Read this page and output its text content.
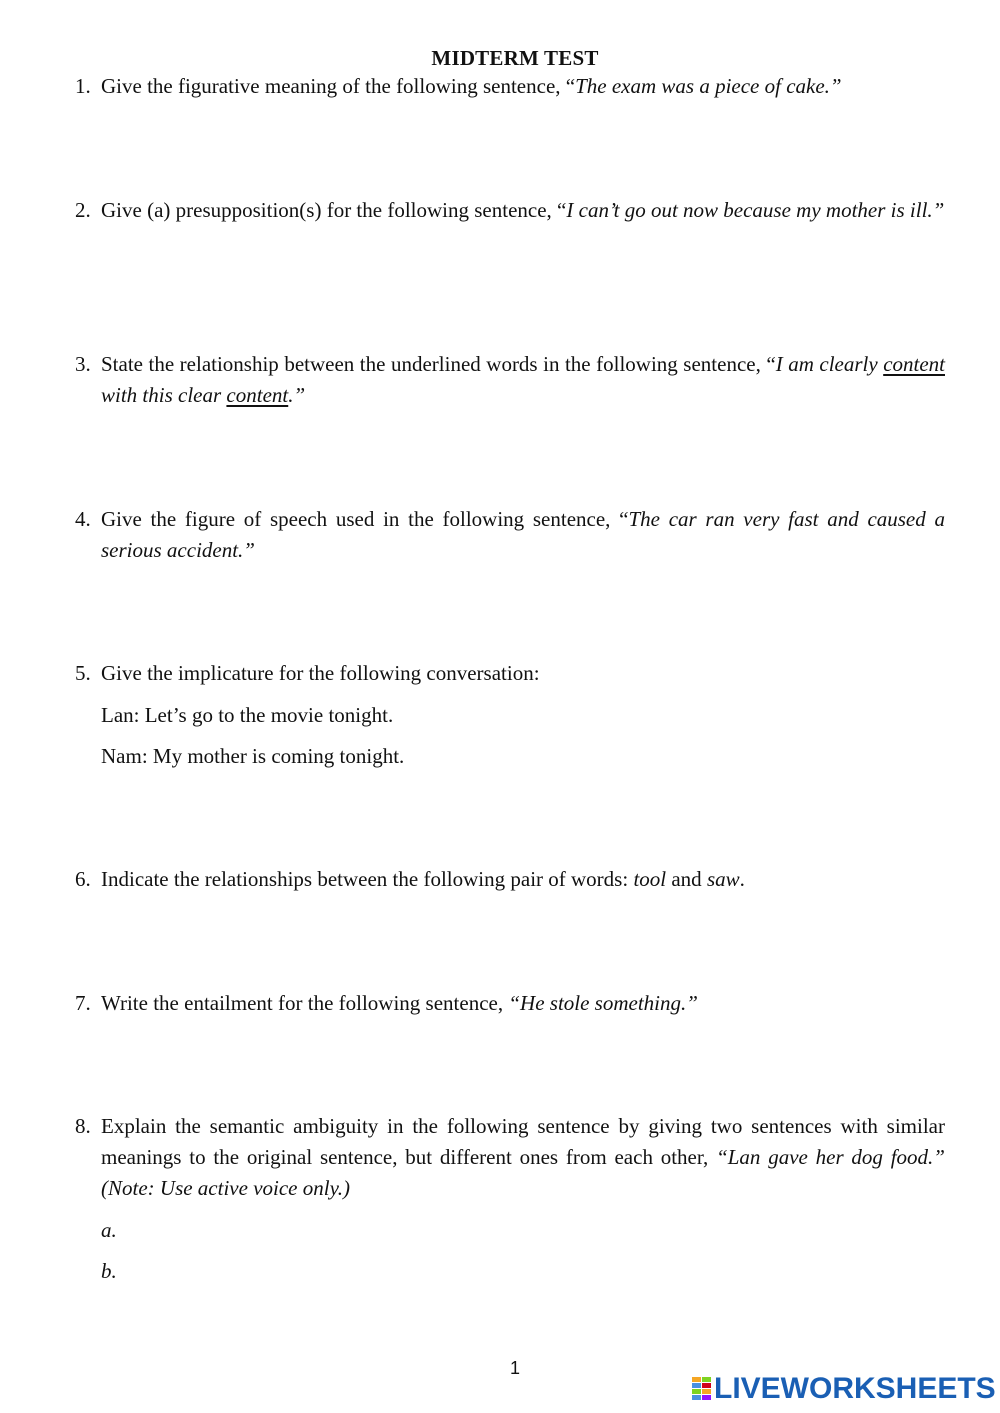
MIDTERM TEST
1. Give the figurative meaning of the following sentence, “The exam was a piece of cake.”
2. Give (a) presupposition(s) for the following sentence, “I can’t go out now because my mother is ill.”
3. State the relationship between the underlined words in the following sentence, “I am clearly content with this clear content.”
4. Give the figure of speech used in the following sentence, “The car ran very fast and caused a serious accident.”
5. Give the implicature for the following conversation:
Lan: Let’s go to the movie tonight.
Nam: My mother is coming tonight.
6. Indicate the relationships between the following pair of words: tool and saw.
7. Write the entailment for the following sentence, “He stole something.”
8. Explain the semantic ambiguity in the following sentence by giving two sentences with similar meanings to the original sentence, but different ones from each other, “Lan gave her dog food.” (Note: Use active voice only.)
a.
b.
1
LIVEWORKSHEETS
